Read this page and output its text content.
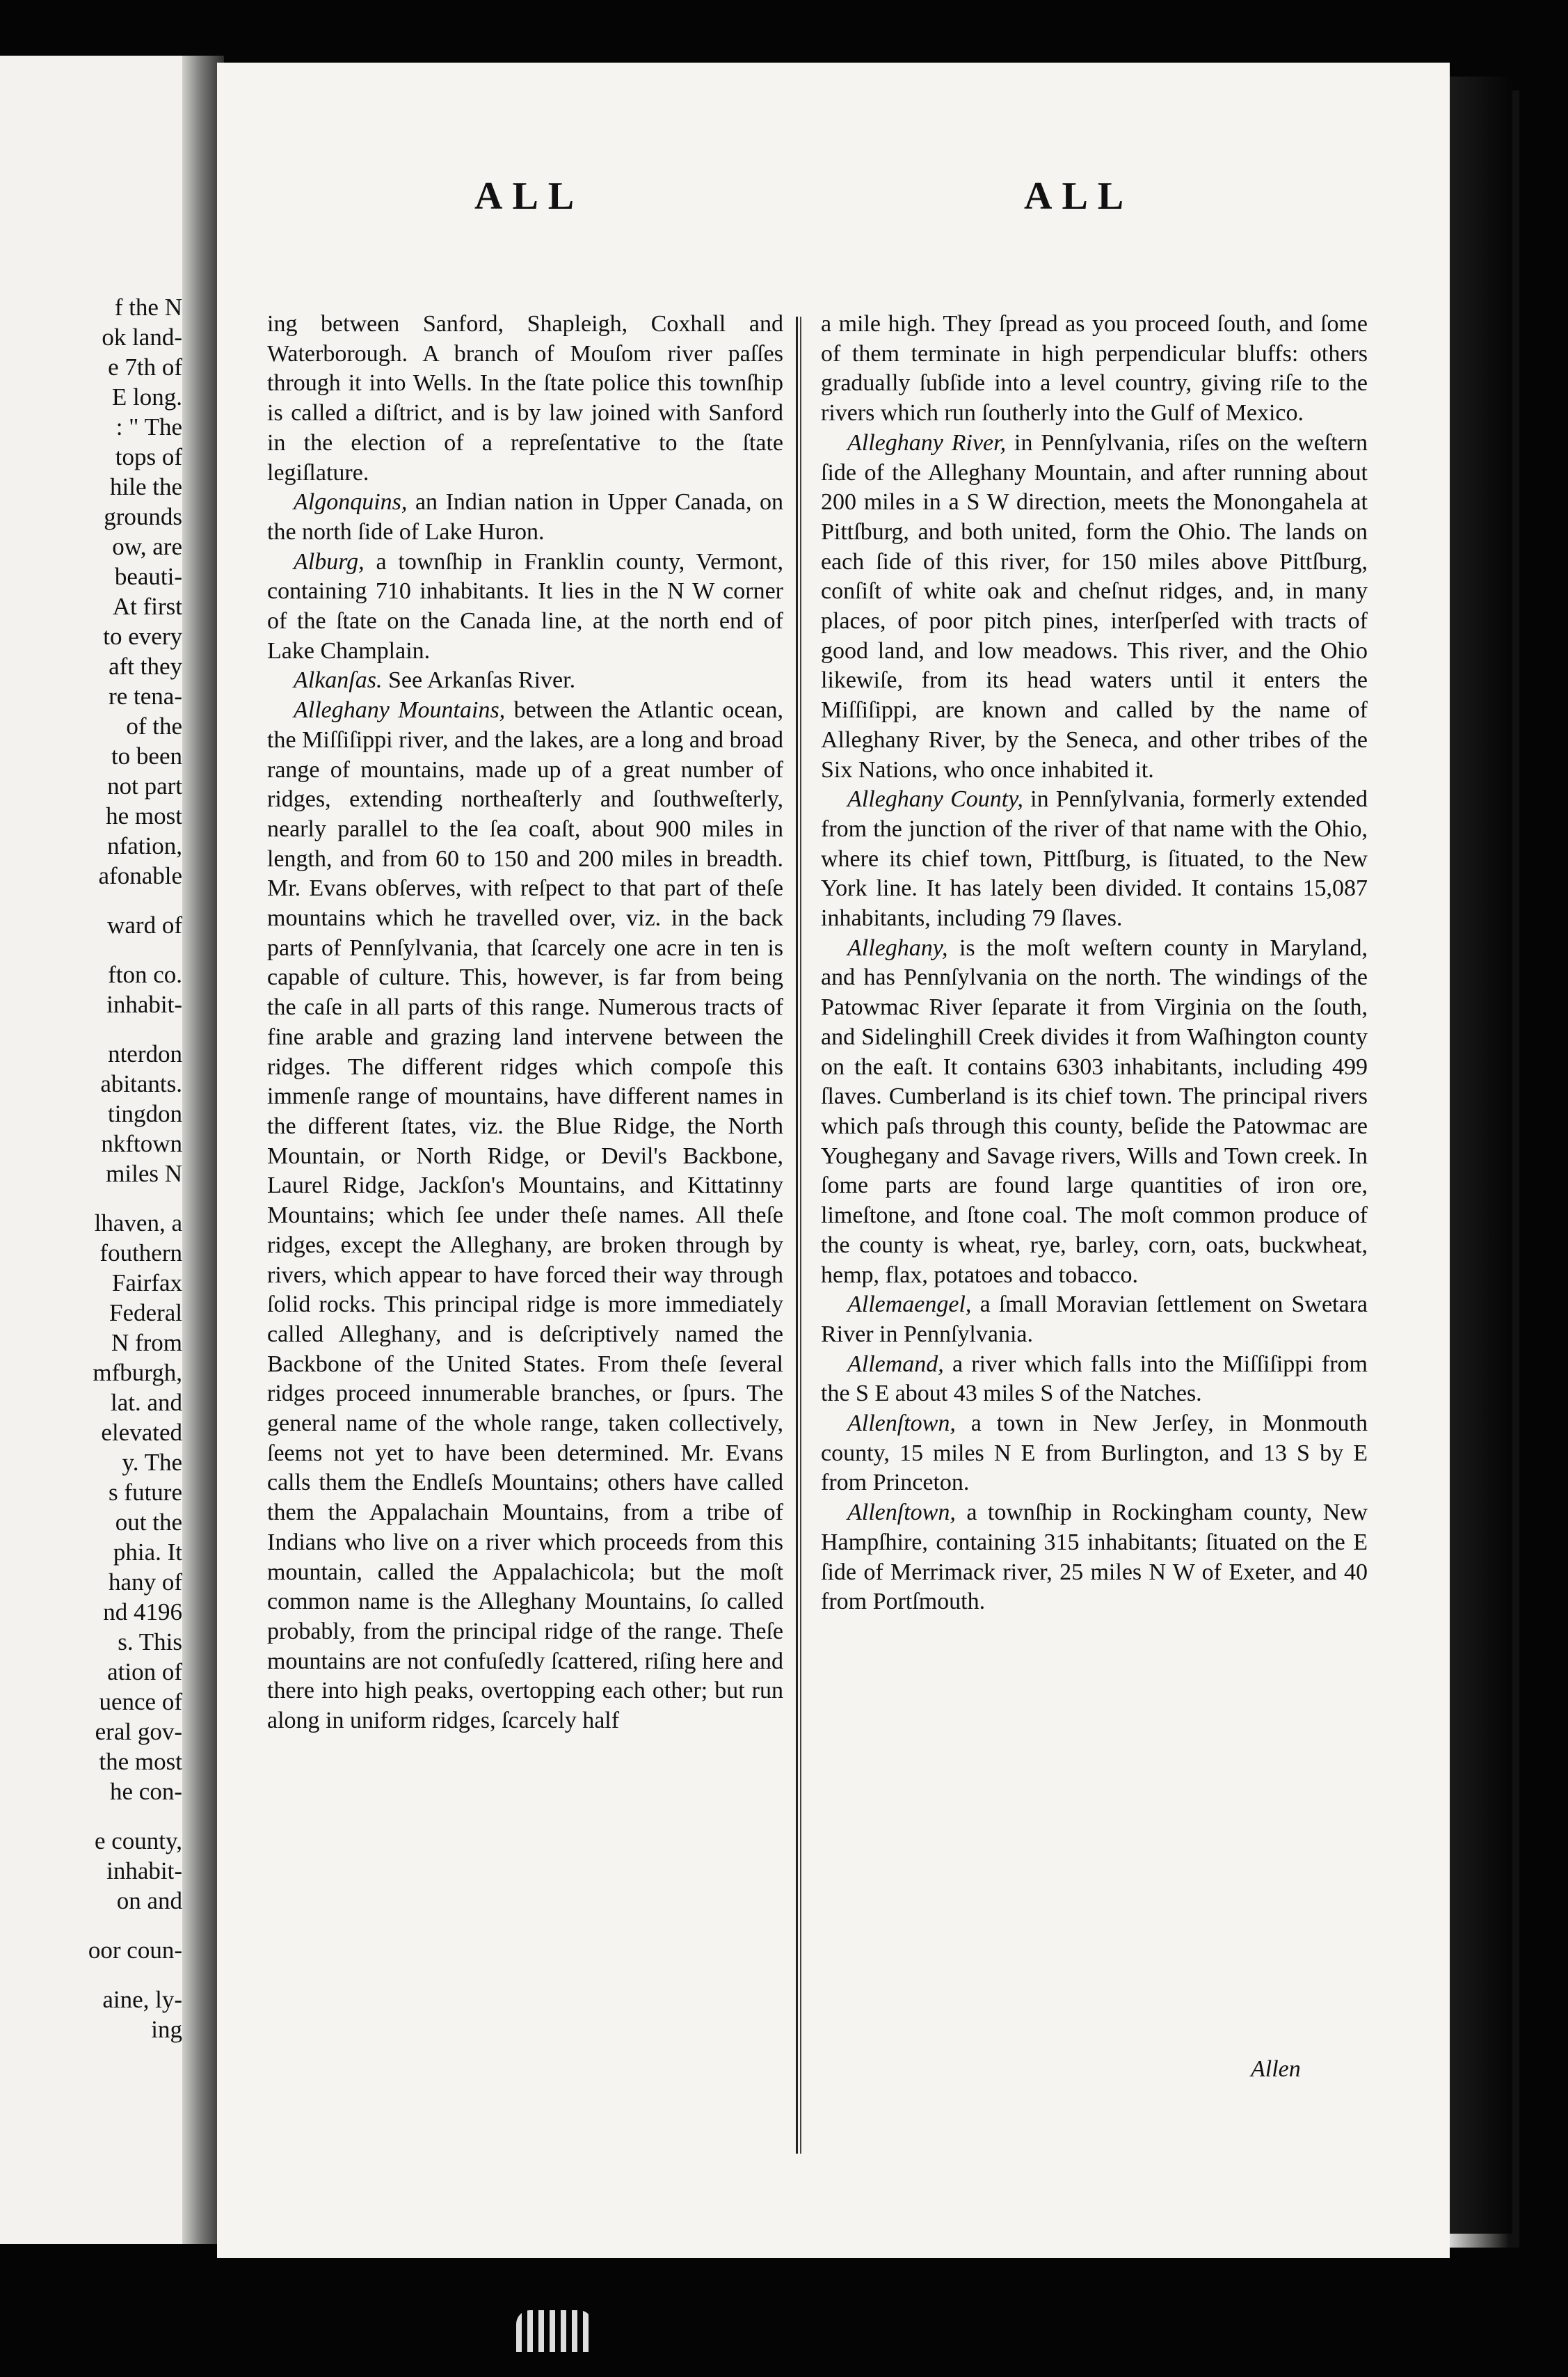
f the N
ok land-
e 7th of
E long.
: " The
tops of
hile the
grounds
ow, are
beauti-
At first
to every
aft they
re tena-
of the
to been
not part
he most
nfation,
afonable
ward of
fton co.
inhabit-
nterdon
abitants.
tingdon
nkftown
miles N
lhaven, a
fouthern
Fairfax
Federal
N from
mfburgh,
lat. and
elevated
y. The
s future
out the
phia. It
hany of
nd 4196
s. This
ation of
uence of
eral gov-
the most
he con-
e county,
inhabit-
on and
oor coun-
aine, ly-
ing
ALL	ALL

ing between Sanford, Shapleigh, Coxhall and Waterborough. A branch of Mouſom river paſſes through it into Wells. In the ſtate police this townſhip is called a diſtrict, and is by law joined with Sanford in the election of a repreſentative to the ſtate legiſlature.

Algonquins, an Indian nation in Upper Canada, on the north ſide of Lake Huron.

Alburg, a townſhip in Franklin county, Vermont, containing 710 inhabitants. It lies in the N W corner of the ſtate on the Canada line, at the north end of Lake Champlain.

Alkanſas. See Arkanſas River.

Alleghany Mountains, between the Atlantic ocean, the Miſſiſippi river, and the lakes, are a long and broad range of mountains, made up of a great number of ridges, extending northeaſterly and ſouthweſterly, nearly parallel to the ſea coaſt, about 900 miles in length, and from 60 to 150 and 200 miles in breadth. Mr. Evans obſerves, with reſpect to that part of theſe mountains which he travelled over, viz. in the back parts of Pennſylvania, that ſcarcely one acre in ten is capable of culture. This, however, is far from being the caſe in all parts of this range. Numerous tracts of fine arable and grazing land intervene between the ridges. The different ridges which compoſe this immenſe range of mountains, have different names in the different ſtates, viz. the Blue Ridge, the North Mountain, or North Ridge, or Devil's Backbone, Laurel Ridge, Jackſon's Mountains, and Kittatinny Mountains; which ſee under theſe names. All theſe ridges, except the Alleghany, are broken through by rivers, which appear to have forced their way through ſolid rocks. This principal ridge is more immediately called Alleghany, and is deſcriptively named the Backbone of the United States. From theſe ſeveral ridges proceed innumerable branches, or ſpurs. The general name of the whole range, taken collectively, ſeems not yet to have been determined. Mr. Evans calls them the Endleſs Mountains; others have called them the Appalachain Mountains, from a tribe of Indians who live on a river which proceeds from this mountain, called the Appalachicola; but the moſt common name is the Alleghany Mountains, ſo called probably, from the principal ridge of the range. Theſe mountains are not confuſedly ſcattered, riſing here and there into high peaks, overtopping each other; but run along in uniform ridges, ſcarcely half

a mile high. They ſpread as you proceed ſouth, and ſome of them terminate in high perpendicular bluffs: others gradually ſubſide into a level country, giving riſe to the rivers which run ſoutherly into the Gulf of Mexico.

Alleghany River, in Pennſylvania, riſes on the weſtern ſide of the Alleghany Mountain, and after running about 200 miles in a S W direction, meets the Monongahela at Pittſburg, and both united, form the Ohio. The lands on each ſide of this river, for 150 miles above Pittſburg, conſiſt of white oak and cheſnut ridges, and, in many places, of poor pitch pines, interſperſed with tracts of good land, and low meadows. This river, and the Ohio likewiſe, from its head waters until it enters the Miſſiſippi, are known and called by the name of Alleghany River, by the Seneca, and other tribes of the Six Nations, who once inhabited it.

Alleghany County, in Pennſylvania, formerly extended from the junction of the river of that name with the Ohio, where its chief town, Pittſburg, is ſituated, to the New York line. It has lately been divided. It contains 15,087 inhabitants, including 79 ſlaves.

Alleghany, is the moſt weſtern county in Maryland, and has Pennſylvania on the north. The windings of the Patowmac River ſeparate it from Virginia on the ſouth, and Sidelinghill Creek divides it from Waſhington county on the eaſt. It contains 6303 inhabitants, including 499 ſlaves. Cumberland is its chief town. The principal rivers which paſs through this county, beſide the Patowmac are Youghegany and Savage rivers, Wills and Town creek. In ſome parts are found large quantities of iron ore, limeſtone, and ſtone coal. The moſt common produce of the county is wheat, rye, barley, corn, oats, buckwheat, hemp, flax, potatoes and tobacco.

Allemaengel, a ſmall Moravian ſettlement on Swetara River in Pennſylvania.

Allemand, a river which falls into the Miſſiſippi from the S E about 43 miles S of the Natches.

Allenſtown, a town in New Jerſey, in Monmouth county, 15 miles N E from Burlington, and 13 S by E from Princeton.

Allenſtown, a townſhip in Rockingham county, New Hampſhire, containing 315 inhabitants; ſituated on the E ſide of Merrimack river, 25 miles N W of Exeter, and 40 from Portſmouth.

Allen
